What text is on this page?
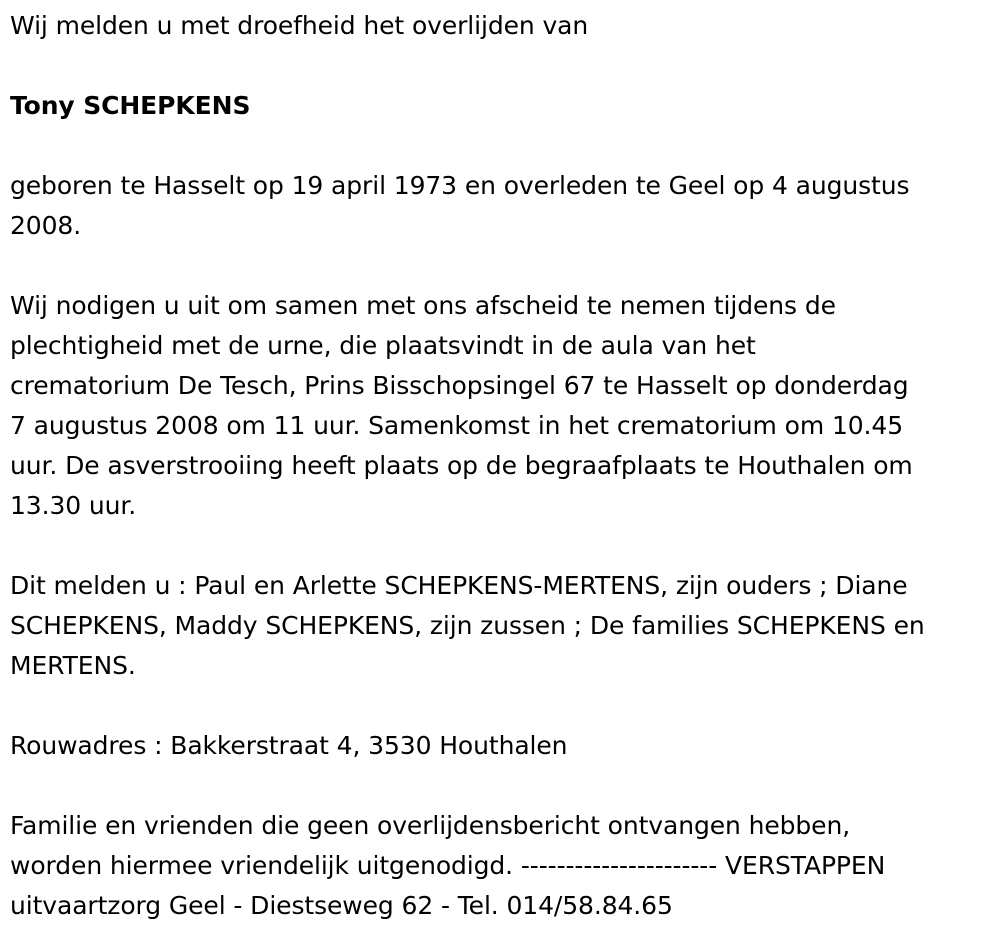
Wij melden u met droefheid het overlijden van

Tony SCHEPKENS

geboren te Hasselt op 19 april 1973 en overleden te Geel op 4 augustus
2008.

Wij nodigen u uit om samen met ons afscheid te nemen tijdens de
plechtigheid met de urne, die plaatsvindt in de aula van het
crematorium De Tesch, Prins Bisschopsingel 67 te Hasselt op donderdag
7 augustus 2008 om 11 uur. Samenkomst in het crematorium om 10.45
uur. De asverstrooiing heeft plaats op de begraafplaats te Houthalen om
13.30 uur.

Dit melden u : Paul en Arlette SCHEPKENS-MERTENS, zijn ouders ; Diane
SCHEPKENS, Maddy SCHEPKENS, zijn zussen ; De families SCHEPKENS en
MERTENS.

Rouwadres : Bakkerstraat 4, 3530 Houthalen

Familie en vrienden die geen overlijdensbericht ontvangen hebben,
worden hiermee vriendelijk uitgenodigd. ---------------------- VERSTAPPEN
uitvaartzorg Geel - Diestseweg 62 - Tel. 014/58.84.65
